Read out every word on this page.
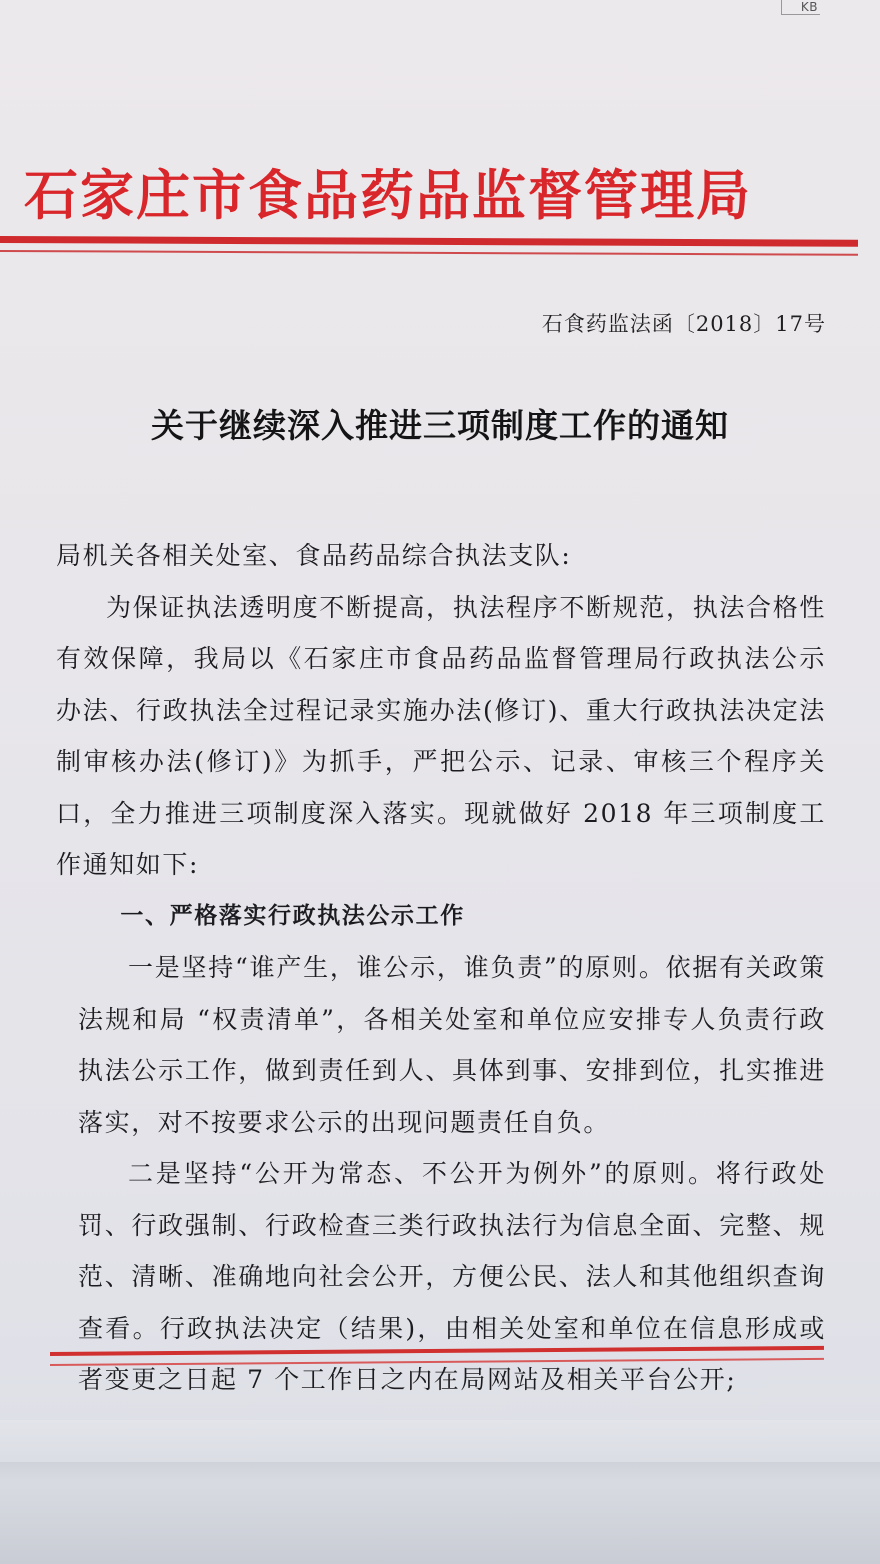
KB
石家庄市食品药品监督管理局
石食药监法函〔2018〕17号
关于继续深入推进三项制度工作的通知

局机关各相关处室、食品药品综合执法支队:

为保证执法透明度不断提高，执法程序不断规范，执法合格性有效保障，我局以《石家庄市食品药品监督管理局行政执法公示办法、行政执法全过程记录实施办法(修订)、重大行政执法决定法制审核办法(修订)》为抓手，严把公示、记录、审核三个程序关口，全力推进三项制度深入落实。现就做好 2018 年三项制度工作通知如下:

一、严格落实行政执法公示工作

一是坚持“谁产生，谁公示，谁负责”的原则。依据有关政策法规和局 “权责清单”，各相关处室和单位应安排专人负责行政执法公示工作，做到责任到人、具体到事、安排到位，扎实推进落实，对不按要求公示的出现问题责任自负。

二是坚持“公开为常态、不公开为例外”的原则。将行政处罚、行政强制、行政检查三类行政执法行为信息全面、完整、规范、清晰、准确地向社会公开，方便公民、法人和其他组织查询查看。行政执法决定（结果)，由相关处室和单位在信息形成或者变更之日起 7 个工作日之内在局网站及相关平台公开;
